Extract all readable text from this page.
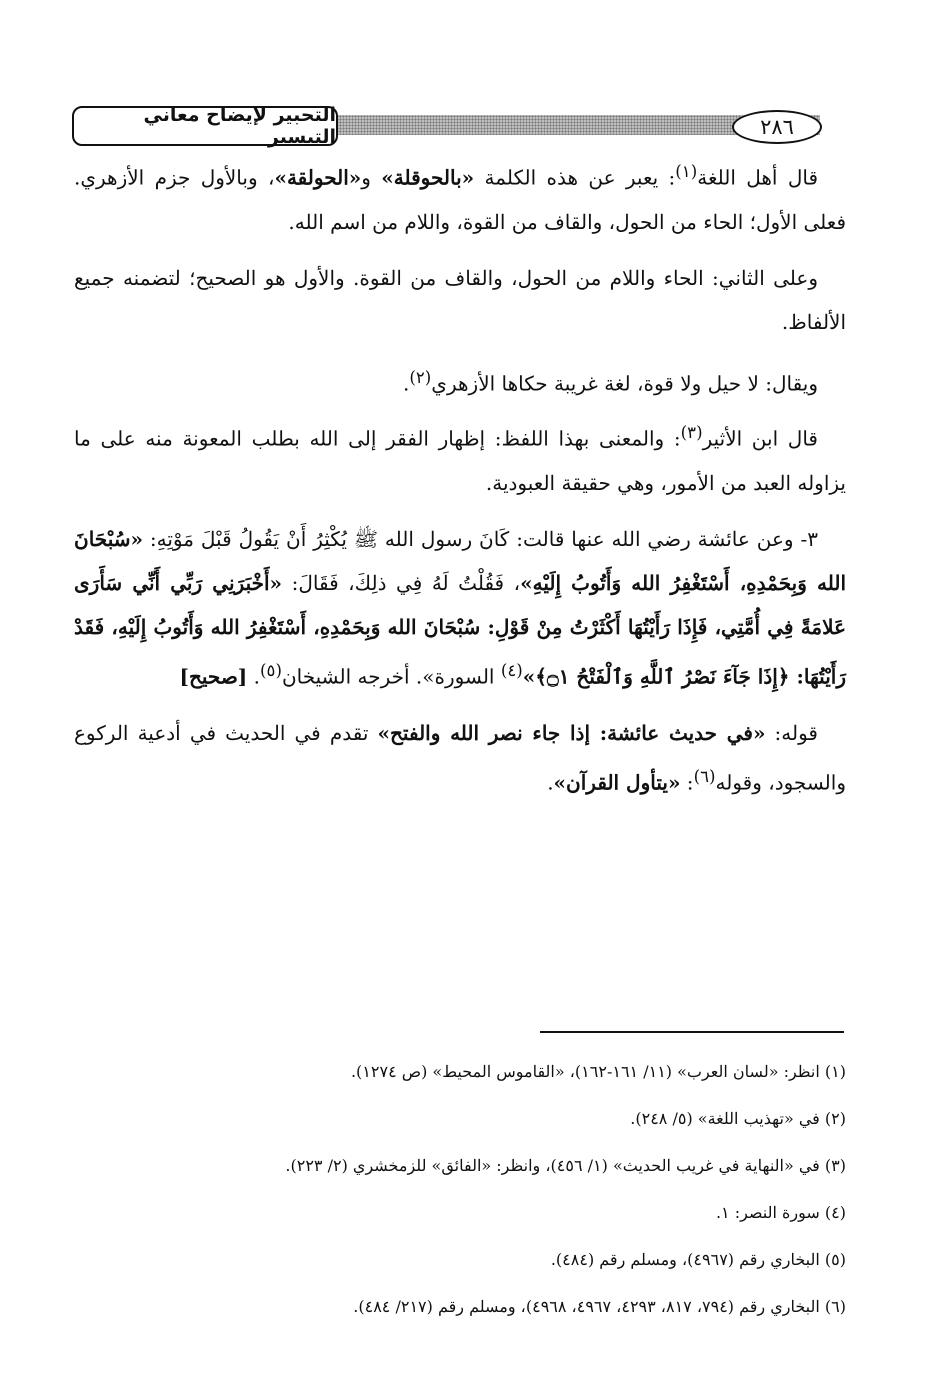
التحبير لإيضاح معاني التيسير	٢٨٦

قال أهل اللغة$^{(١)}$: يعبر عن هذه الكلمة «بالحوقلة» و«الحولقة»، وبالأول جزم الأزهري. فعلى الأول؛ الحاء من الحول، والقاف من القوة، واللام من اسم الله.

وعلى الثاني: الحاء واللام من الحول، والقاف من القوة. والأول هو الصحيح؛ لتضمنه جميع الألفاظ.

ويقال: لا حيل ولا قوة، لغة غريبة حكاها الأزهري$^{(٢)}$.

قال ابن الأثير$^{(٣)}$: والمعنى بهذا اللفظ: إظهار الفقر إلى الله بطلب المعونة منه على ما يزاوله العبد من الأمور، وهي حقيقة العبودية.

٣- وعن عائشة رضي الله عنها قالت: كَانَ رسول الله ﷺ يُكْثِرُ أَنْ يَقُولُ قَبْلَ مَوْتِهِ: «سُبْحَانَ الله وَبِحَمْدِهِ، أَسْتَغْفِرُ الله وَأَتُوبُ إِلَيْهِ»، فَقُلْتُ لَهُ فِي ذلِكَ، فَقَالَ: «أَخْبَرَنِي رَبِّي أَنِّي سَأَرَى عَلامَةً فِي أُمَّتِي، فَإِذَا رَأَيْتُهَا أَكْثَرْتُ مِنْ قَوْلِ: سُبْحَانَ الله وَبِحَمْدِهِ، أَسْتَغْفِرُ الله وَأَتُوبُ إِلَيْهِ، فَقَدْ رَأَيْتُهَا: ﴿إِذَا جَآءَ نَصْرُ ٱللَّهِ وَٱلْفَتْحُ ۝١﴾»$^{(٤)}$ السورة». أخرجه الشيخان$^{(٥)}$. [صحيح]

قوله: «في حديث عائشة: إذا جاء نصر الله والفتح» تقدم في الحديث في أدعية الركوع والسجود، وقوله$^{(٦)}$: «يتأول القرآن».

(١) انظر: «لسان العرب» (١١/ ١٦١-١٦٢)، «القاموس المحيط» (ص ١٢٧٤).
(٢) في «تهذيب اللغة» (٥/ ٢٤٨).
(٣) في «النهاية في غريب الحديث» (١/ ٤٥٦)، وانظر: «الفائق» للزمخشري (٢/ ٢٢٣).
(٤) سورة النصر: ١.
(٥) البخاري رقم (٤٩٦٧)، ومسلم رقم (٤٨٤).
(٦) البخاري رقم (٧٩٤، ٨١٧، ٤٢٩٣، ٤٩٦٧، ٤٩٦٨)، ومسلم رقم (٢١٧/ ٤٨٤).
